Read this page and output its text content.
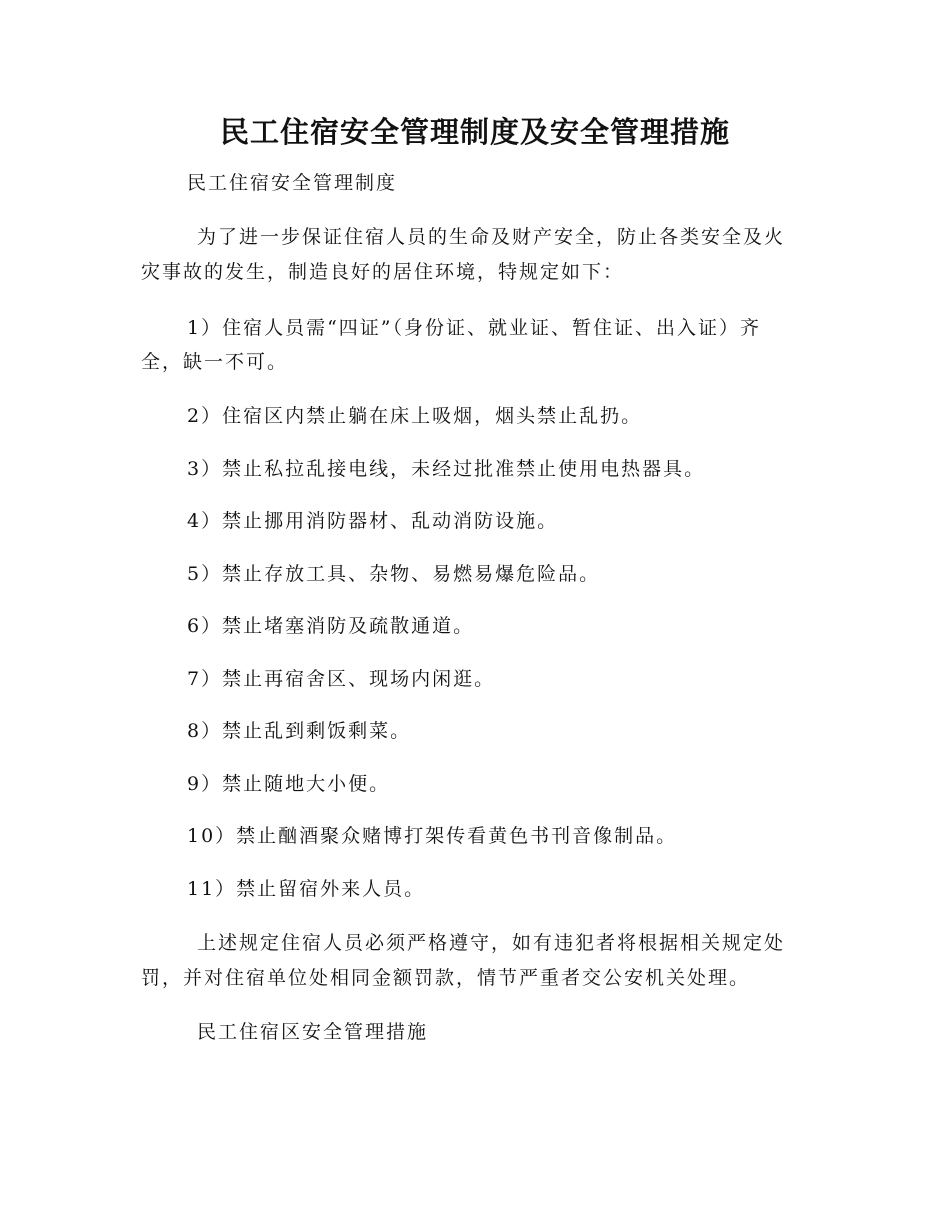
民工住宿安全管理制度及安全管理措施
民工住宿安全管理制度
为了进一步保证住宿人员的生命及财产安全，防止各类安全及火
灾事故的发生，制造良好的居住环境，特规定如下：
1）住宿人员需“四证”（身份证、就业证、暂住证、出入证）齐
全，缺一不可。
2）住宿区内禁止躺在床上吸烟，烟头禁止乱扔。
3）禁止私拉乱接电线，未经过批准禁止使用电热器具。
4）禁止挪用消防器材、乱动消防设施。
5）禁止存放工具、杂物、易燃易爆危险品。
6）禁止堵塞消防及疏散通道。
7）禁止再宿舍区、现场内闲逛。
8）禁止乱到剩饭剩菜。
9）禁止随地大小便。
10）禁止酗酒聚众赌博打架传看黄色书刊音像制品。
11）禁止留宿外来人员。
上述规定住宿人员必须严格遵守，如有违犯者将根据相关规定处
罚，并对住宿单位处相同金额罚款，情节严重者交公安机关处理。
民工住宿区安全管理措施
